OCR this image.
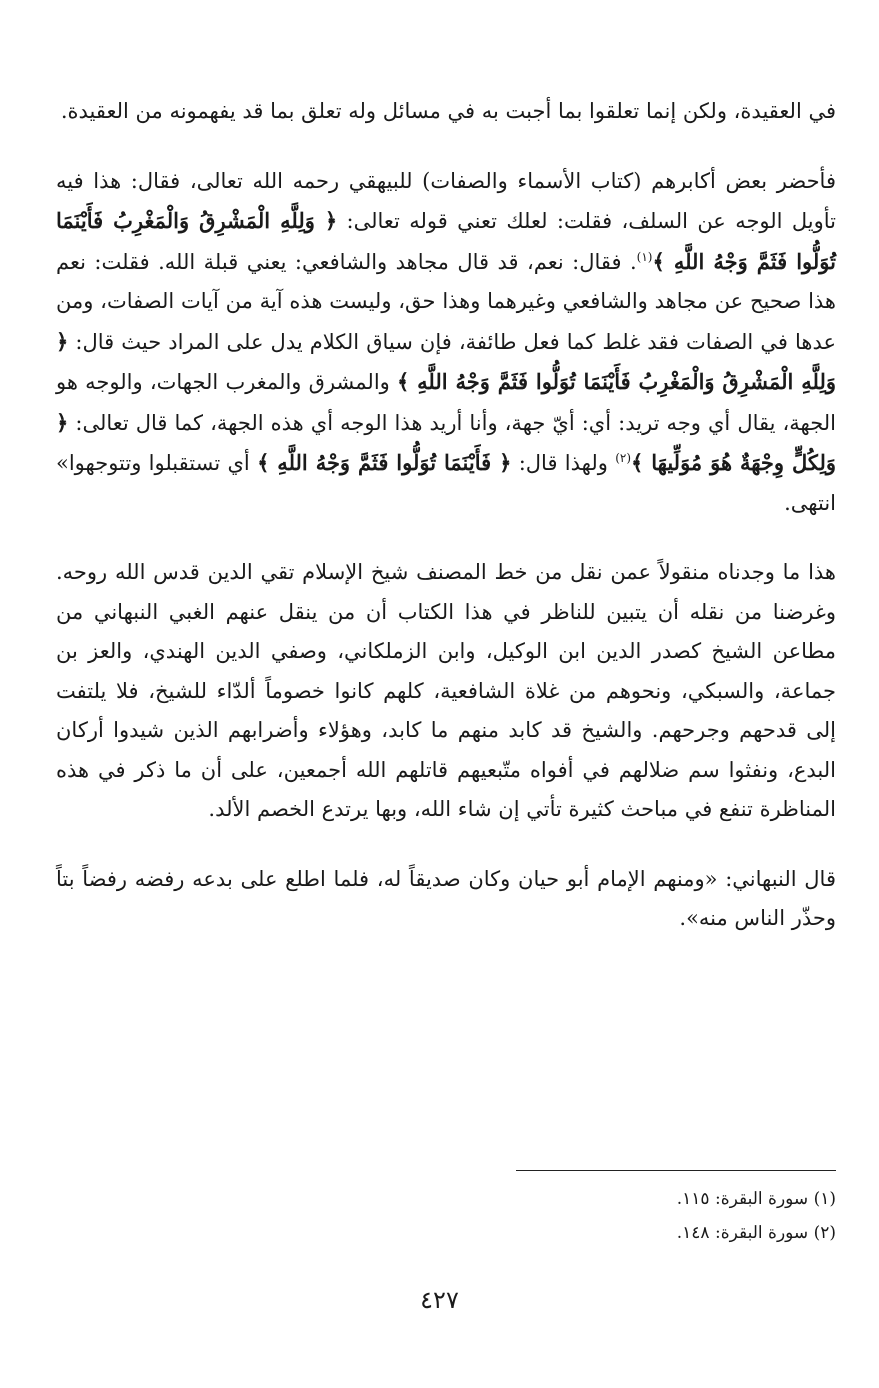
في العقيدة، ولكن إنما تعلقوا بما أجبت به في مسائل وله تعلق بما قد يفهمونه من العقيدة.

فأحضر بعض أكابرهم (كتاب الأسماء والصفات) للبيهقي رحمه الله تعالى، فقال: هذا فيه تأويل الوجه عن السلف، فقلت: لعلك تعني قوله تعالى: ﴿ وَلِلَّهِ الْمَشْرِقُ وَالْمَغْرِبُ فَأَيْنَمَا تُوَلُّوا فَثَمَّ وَجْهُ اللَّهِ ﴾$^{(١)}$. فقال: نعم، قد قال مجاهد والشافعي: يعني قبلة الله. فقلت: نعم هذا صحيح عن مجاهد والشافعي وغيرهما وهذا حق، وليست هذه آية من آيات الصفات، ومن عدها في الصفات فقد غلط كما فعل طائفة، فإن سياق الكلام يدل على المراد حيث قال: ﴿ وَلِلَّهِ الْمَشْرِقُ وَالْمَغْرِبُ فَأَيْنَمَا تُوَلُّوا فَثَمَّ وَجْهُ اللَّهِ ﴾ والمشرق والمغرب الجهات، والوجه هو الجهة، يقال أي وجه تريد: أي: أيّ جهة، وأنا أريد هذا الوجه أي هذه الجهة، كما قال تعالى: ﴿ وَلِكُلٍّ وِجْهَةٌ هُوَ مُوَلِّيهَا ﴾$^{(٢)}$ ولهذا قال: ﴿ فَأَيْنَمَا تُوَلُّوا فَثَمَّ وَجْهُ اللَّهِ ﴾ أي تستقبلوا وتتوجهوا» انتهى.

هذا ما وجدناه منقولاً عمن نقل من خط المصنف شيخ الإسلام تقي الدين قدس الله روحه. وغرضنا من نقله أن يتبين للناظر في هذا الكتاب أن من ينقل عنهم الغبي النبهاني من مطاعن الشيخ كصدر الدين ابن الوكيل، وابن الزملكاني، وصفي الدين الهندي، والعز بن جماعة، والسبكي، ونحوهم من غلاة الشافعية، كلهم كانوا خصوماً ألدّاء للشيخ، فلا يلتفت إلى قدحهم وجرحهم. والشيخ قد كابد منهم ما كابد، وهؤلاء وأضرابهم الذين شيدوا أركان البدع، ونفثوا سم ضلالهم في أفواه متّبعيهم قاتلهم الله أجمعين، على أن ما ذكر في هذه المناظرة تنفع في مباحث كثيرة تأتي إن شاء الله، وبها يرتدع الخصم الألد.

قال النبهاني: «ومنهم الإمام أبو حيان وكان صديقاً له، فلما اطلع على بدعه رفضه رفضاً بتاً وحذّر الناس منه».

(١) سورة البقرة: ١١٥.

(٢) سورة البقرة: ١٤٨.

٤٢٧
